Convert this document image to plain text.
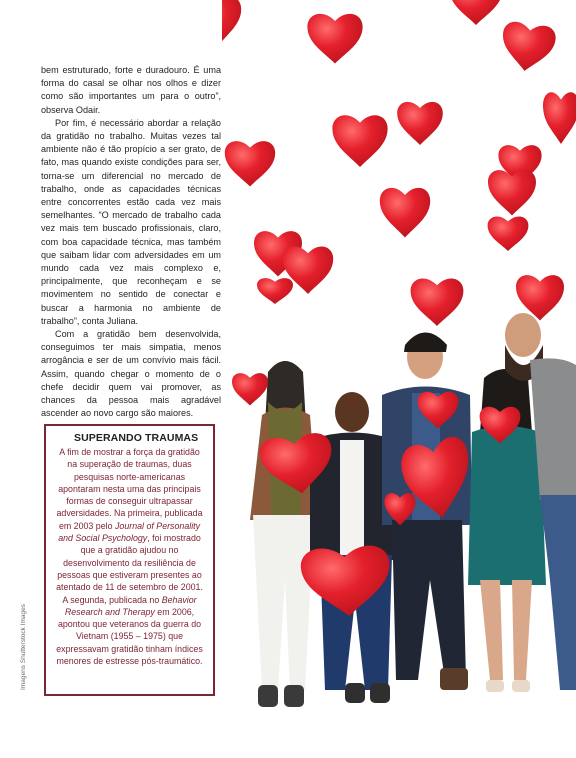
bem estruturado, forte e duradouro. É uma forma do casal se olhar nos olhos e dizer como são importantes um para o outro”, observa Odair.

Por fim, é necessário abordar a relação da gratidão no trabalho. Muitas vezes tal ambiente não é tão propício a ser grato, de fato, mas quando existe condições para ser, torna-se um diferencial no mercado de trabalho, onde as capacidades técnicas entre concorrentes estão cada vez mais semelhantes. “O mercado de trabalho cada vez mais tem buscado profissionais, claro, com boa capacidade técnica, mas também que saibam lidar com adversidades em um mundo cada vez mais complexo e, principalmente, que reconheçam e se movimentem no sentido de conectar e buscar a harmonia no ambiente de trabalho”, conta Juliana.

Com a gratidão bem desenvolvida, conseguimos ter mais simpatia, menos arrogância e ser de um convívio mais fácil. Assim, quando chegar o momento de o chefe decidir quem vai promover, as chances da pessoa mais agradável ascender ao novo cargo são maiores.

SUPERANDO TRAUMAS
A fim de mostrar a força da gratidão na superação de traumas, duas pesquisas norte-americanas apontaram nesta uma das principais formas de conseguir ultrapassar adversidades. Na primeira, publicada em 2003 pelo Journal of Personality and Social Psychology, foi mostrado que a gratidão ajudou no desenvolvimento da resiliência de pessoas que estiveram presentes ao atentado de 11 de setembro de 2001. A segunda, publicada no Behavior Research and Therapy em 2006, apontou que veteranos da guerra do Vietnam (1955 – 1975) que expressavam gratidão tinham índices menores de estresse pós-traumático.
Imagens Shutterstock Images
